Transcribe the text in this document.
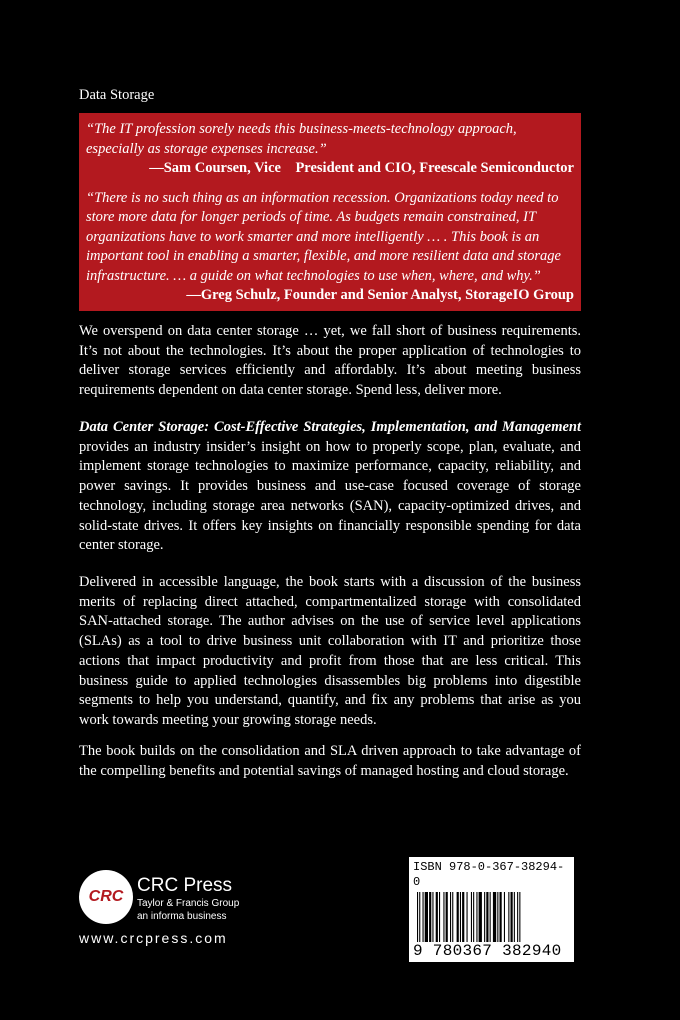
Data Storage
“The IT profession sorely needs this business-meets-technology approach, especially as storage expenses increase.”
—Sam Coursen, Vice    President and CIO, Freescale Semiconductor
“There is no such thing as an information recession. Organizations today need to store more data for longer periods of time. As budgets remain constrained, IT organizations have to work smarter and more intelligently … . This book is an important tool in enabling a smarter, flexible, and more resilient data and storage infrastructure. … a guide on what technologies to use when, where, and why.”
—Greg Schulz, Founder and Senior Analyst, StorageIO Group
We overspend on data center storage … yet, we fall short of business requirements. It’s not about the technologies. It’s about the proper application of technologies to deliver storage services efficiently and affordably. It’s about meeting business requirements dependent on data center storage. Spend less, deliver more.
Data Center Storage: Cost-Effective Strategies, Implementation, and Management provides an industry insider’s insight on how to properly scope, plan, evaluate, and implement storage technologies to maximize performance, capacity, reliability, and power savings. It provides business and use-case focused coverage of storage technology, including storage area networks (SAN), capacity-optimized drives, and solid-state drives. It offers key insights on financially responsible spending for data center storage.
Delivered in accessible language, the book starts with a discussion of the business merits of replacing direct attached, compartmentalized storage with consolidated SAN-attached storage. The author advises on the use of service level applications (SLAs) as a tool to drive business unit collaboration with IT and prioritize those actions that impact productivity and profit from those that are less critical. This business guide to applied technologies disassembles big problems into digestible segments to help you understand, quantify, and fix any problems that arise as you work towards meeting your growing storage needs.
The book builds on the consolidation and SLA driven approach to take advantage of the compelling benefits and potential savings of managed hosting and cloud storage.
CRC
CRC Press
Taylor & Francis Group
an informa business
www.crcpress.com
ISBN 978-0-367-38294-0
9 780367 382940
